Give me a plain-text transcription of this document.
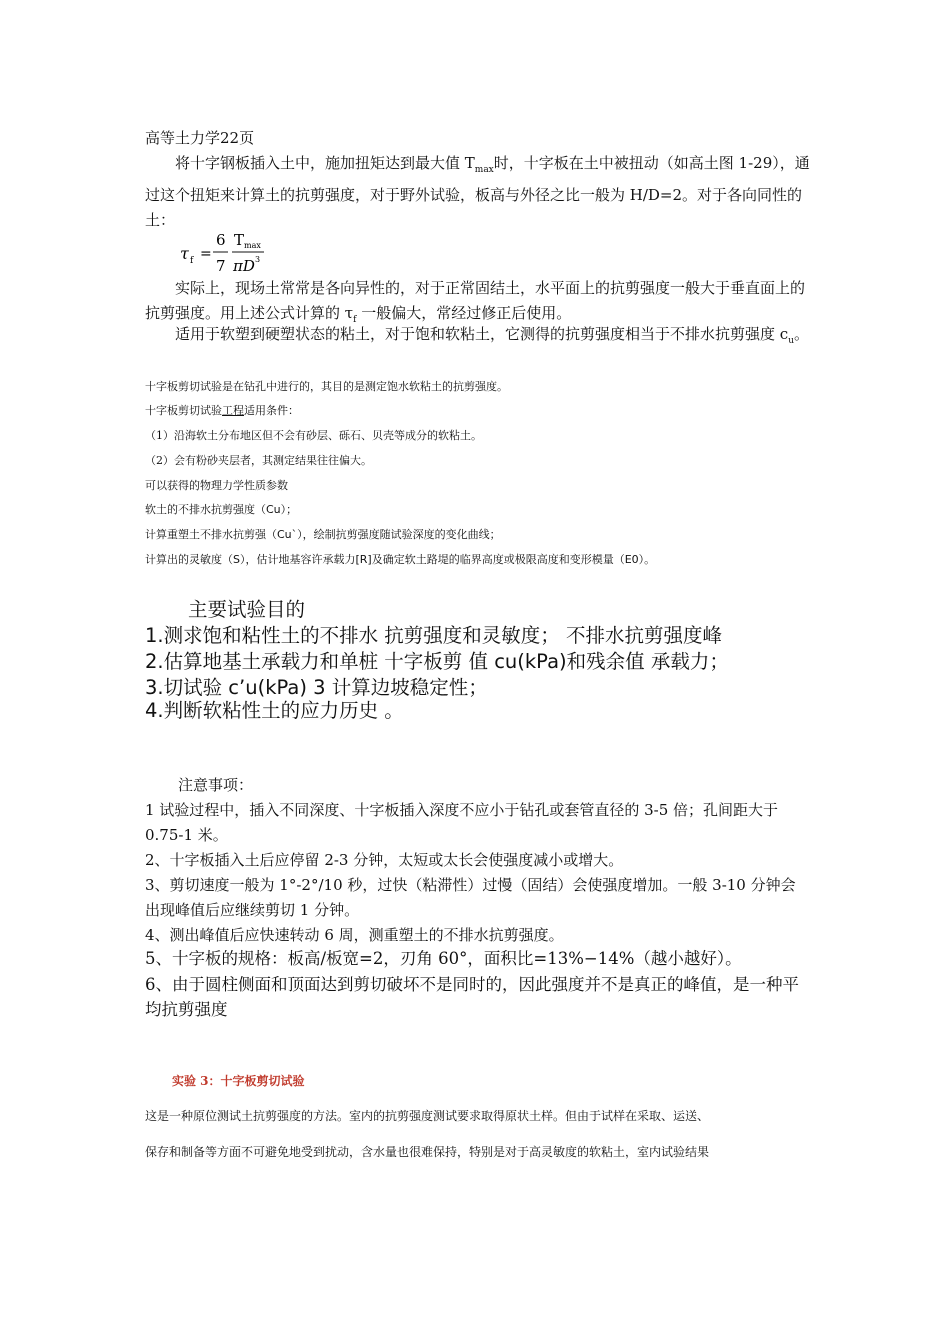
高等土力学22页

将十字钢板插入土中，施加扭矩达到最大值 $T_{max}$时，十字板在土中被扭动（如高土图 1-29），通过这个扭矩来计算土的抗剪强度，对于野外试验，板高与外径之比一般为 H/D=2。对于各向同性的土：

τ f =
6
7
T max
πD 3

实际上，现场土常常是各向异性的，对于正常固结土，水平面上的抗剪强度一般大于垂直面上的抗剪强度。用上述公式计算的 $\tau_f$ 一般偏大，常经过修正后使用。

适用于软塑到硬塑状态的粘土，对于饱和软粘土，它测得的抗剪强度相当于不排水抗剪强度 $c_u$。

十字板剪切试验是在钻孔中进行的，其目的是测定饱水软粘土的抗剪强度。

十字板剪切试验工程适用条件：

（1）沿海软土分布地区但不会有砂层、砾石、贝壳等成分的软粘土。

（2）会有粉砂夹层者，其测定结果往往偏大。

可以获得的物理力学性质参数

软土的不排水抗剪强度（Cu）；

计算重塑土不排水抗剪强（Cu`），绘制抗剪强度随试验深度的变化曲线；

计算出的灵敏度（S），估计地基容许承载力[R]及确定软土路堤的临界高度或极限高度和变形模量（E0）。

主要试验目的

1.测求饱和粘性土的不排水 抗剪强度和灵敏度； 不排水抗剪强度峰

2.估算地基土承载力和单桩 十字板剪 值 cu(kPa)和残余值 承载力；

3.切试验 c’u(kPa) 3 计算边坡稳定性；

4.判断软粘性土的应力历史 。

注意事项：

1 试验过程中，插入不同深度、十字板插入深度不应小于钻孔或套管直径的 3-5 倍；孔间距大于 0.75-1 米。

2、十字板插入土后应停留 2-3 分钟，太短或太长会使强度减小或增大。

3、剪切速度一般为 1°-2°/10 秒，过快（粘滞性）过慢（固结）会使强度增加。一般 3-10 分钟会出现峰值后应继续剪切 1 分钟。

4、测出峰值后应快速转动 6 周，测重塑土的不排水抗剪强度。

5、十字板的规格：板高/板宽=2，刃角 60°，面积比=13%−14%（越小越好）。

6、由于圆柱侧面和顶面达到剪切破坏不是同时的，因此强度并不是真正的峰值，是一种平均抗剪强度

实验 3：十字板剪切试验

这是一种原位测试土抗剪强度的方法。室内的抗剪强度测试要求取得原状土样。但由于试样在采取、运送、

保存和制备等方面不可避免地受到扰动，含水量也很难保持，特别是对于高灵敏度的软粘土，室内试验结果
